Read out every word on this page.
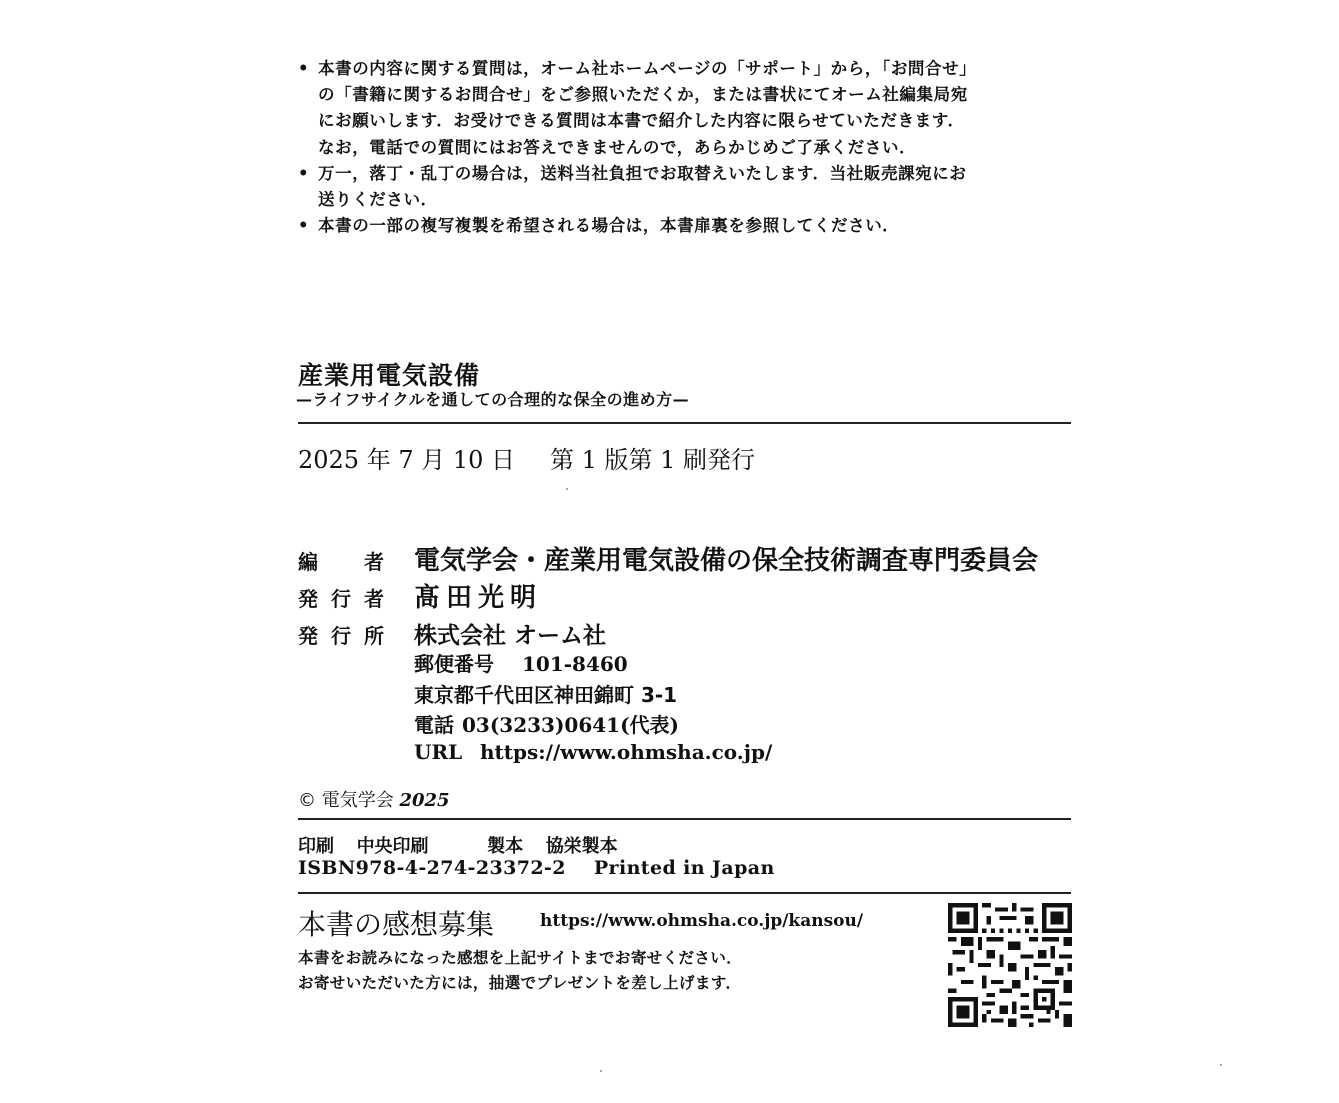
• 本書の内容に関する質問は，オーム社ホームページの「サポート」から，「お問合せ」
の「書籍に関するお問合せ」をご参照いただくか，または書状にてオーム社編集局宛
にお願いします．お受けできる質問は本書で紹介した内容に限らせていただきます．
なお，電話での質問にはお答えできませんので，あらかじめご了承ください．
• 万一，落丁・乱丁の場合は，送料当社負担でお取替えいたします．当社販売課宛にお
送りください．
• 本書の一部の複写複製を希望される場合は，本書扉裏を参照してください．
産業用電気設備
—ライフサイクルを通しての合理的な保全の進め方—
2025 年 7 月 10 日 第 1 版第 1 刷発行
編 者 電気学会・産業用電気設備の保全技術調査専門委員会
発 行 者 髙田光明
発 行 所 株式会社 オーム社
郵便番号 101-8460
東京都千代田区神田錦町 3-1
電話 03(3233)0641(代表)
URL https://www.ohmsha.co.jp/
© 電気学会 2025
印刷 中央印刷	製本 協栄製本
ISBN978-4-274-23372-2 Printed in Japan
本書の感想募集	https://www.ohmsha.co.jp/kansou/
本書をお読みになった感想を上記サイトまでお寄せください．
お寄せいただいた方には，抽選でプレゼントを差し上げます．
